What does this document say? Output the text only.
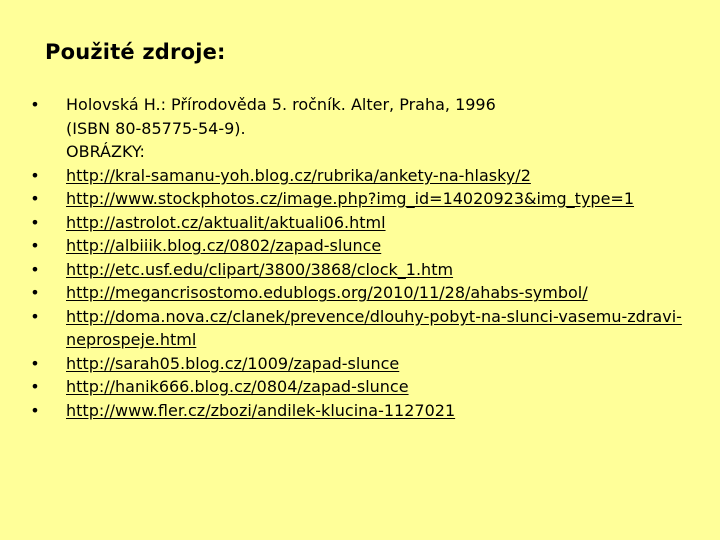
Použité zdroje:
• Holovská H.: Přírodověda 5. ročník. Alter, Praha, 1996
(ISBN 80-85775-54-9).
OBRÁZKY:
• http://kral-samanu-yoh.blog.cz/rubrika/ankety-na-hlasky/2
• http://www.stockphotos.cz/image.php?img_id=14020923&img_type=1
• http://astrolot.cz/aktualit/aktuali06.html
• http://albiiik.blog.cz/0802/zapad-slunce
• http://etc.usf.edu/clipart/3800/3868/clock_1.htm
• http://megancrisostomo.edublogs.org/2010/11/28/ahabs-symbol/
• http://doma.nova.cz/clanek/prevence/dlouhy-pobyt-na-slunci-vasemu-zdravi-neprospeje.html
• http://sarah05.blog.cz/1009/zapad-slunce
• http://hanik666.blog.cz/0804/zapad-slunce
• http://www.fler.cz/zbozi/andilek-klucina-1127021
